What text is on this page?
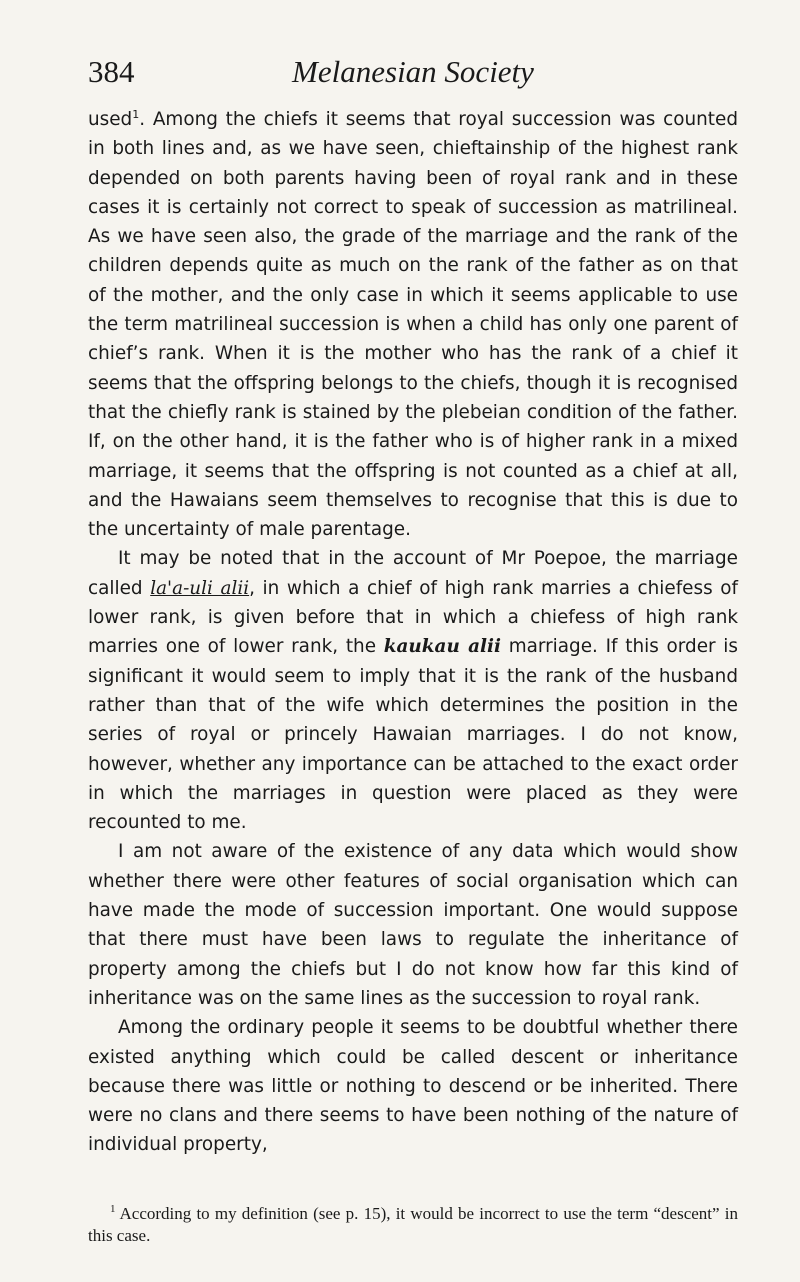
384	Melanesian Society

used$^1$. Among the chiefs it seems that royal succession was counted in both lines and, as we have seen, chieftainship of the highest rank depended on both parents having been of royal rank and in these cases it is certainly not correct to speak of succession as matrilineal. As we have seen also, the grade of the marriage and the rank of the children depends quite as much on the rank of the father as on that of the mother, and the only case in which it seems applicable to use the term matrilineal succession is when a child has only one parent of chief’s rank. When it is the mother who has the rank of a chief it seems that the offspring belongs to the chiefs, though it is recognised that the chiefly rank is stained by the plebeian condition of the father. If, on the other hand, it is the father who is of higher rank in a mixed marriage, it seems that the offspring is not counted as a chief at all, and the Hawaians seem themselves to recognise that this is due to the uncertainty of male parentage.

It may be noted that in the account of Mr Poepoe, the marriage called la'a-uli alii, in which a chief of high rank marries a chiefess of lower rank, is given before that in which a chiefess of high rank marries one of lower rank, the kaukau alii marriage. If this order is significant it would seem to imply that it is the rank of the husband rather than that of the wife which determines the position in the series of royal or princely Hawaian marriages. I do not know, however, whether any importance can be attached to the exact order in which the marriages in question were placed as they were recounted to me.

I am not aware of the existence of any data which would show whether there were other features of social organisation which can have made the mode of succession important. One would suppose that there must have been laws to regulate the inheritance of property among the chiefs but I do not know how far this kind of inheritance was on the same lines as the succession to royal rank.

Among the ordinary people it seems to be doubtful whether there existed anything which could be called descent or inheritance because there was little or nothing to descend or be inherited. There were no clans and there seems to have been nothing of the nature of individual property,

$^1$ According to my definition (see p. 15), it would be incorrect to use the term “descent” in this case.
